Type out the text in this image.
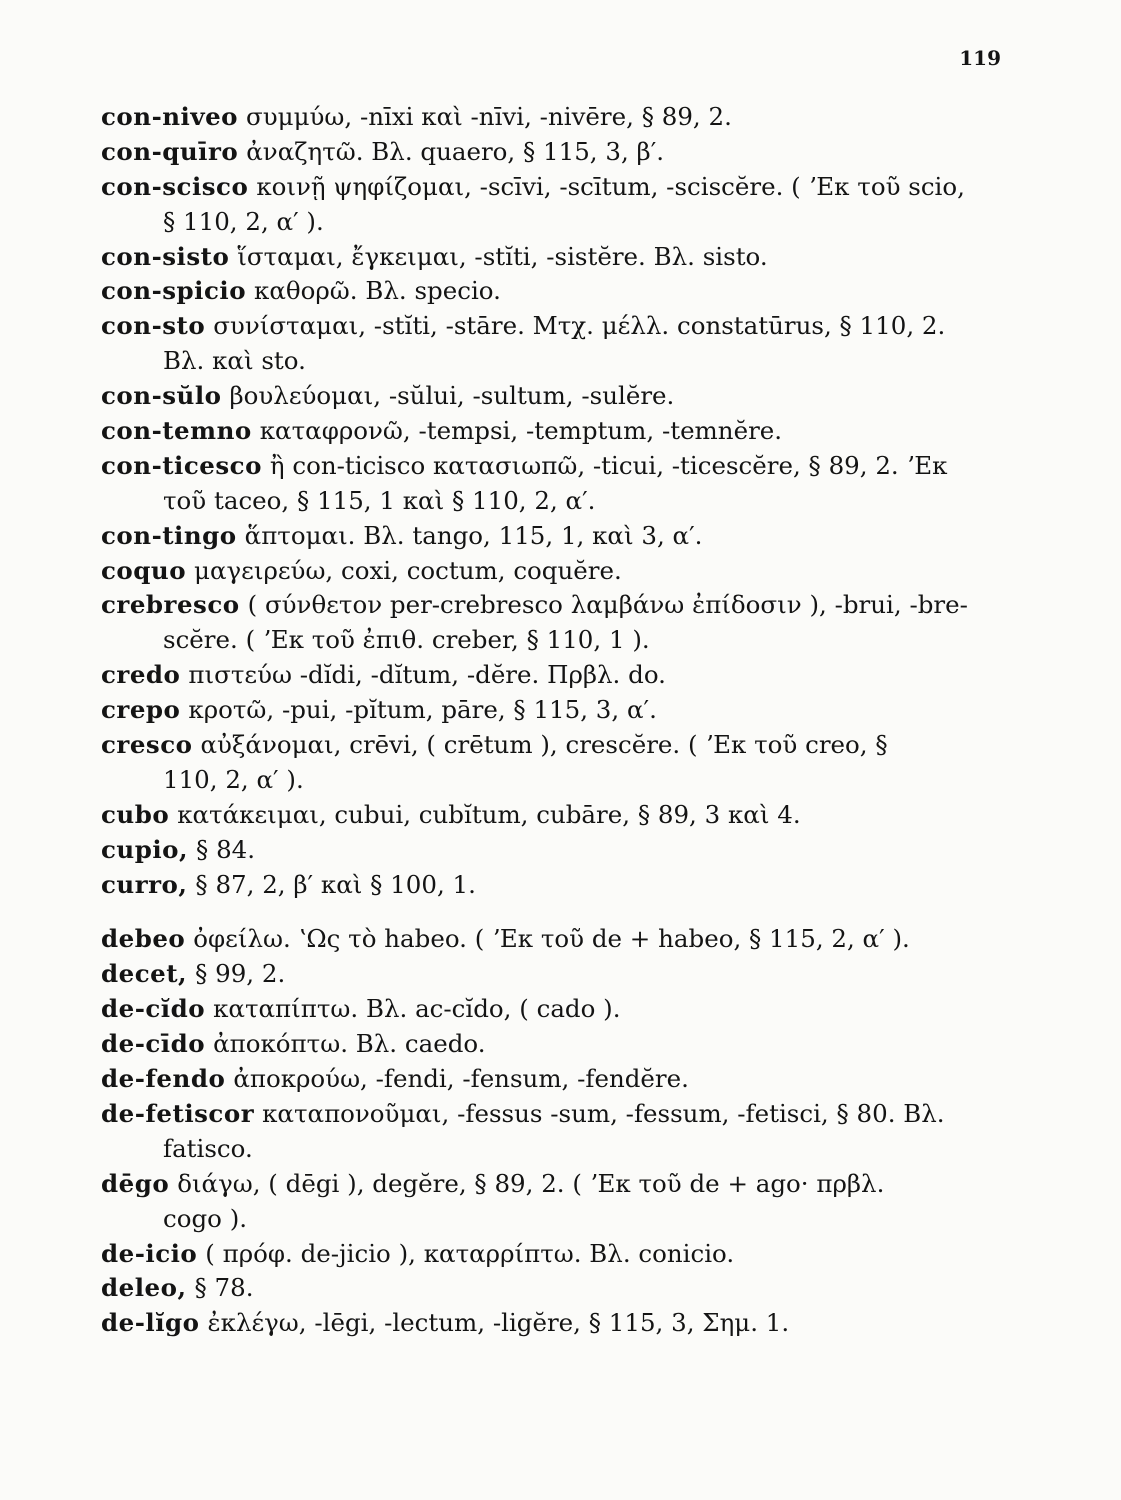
119
con-niveo συμμύω, -nīxi καὶ -nīvi, -nivēre, § 89, 2.
con-quīro ἀναζητῶ. Βλ. quaero, § 115, 3, β′.
con-scisco κοινῇ ψηφίζομαι, -scīvi, -scītum, -sciscĕre. ( ʼΕκ τοῦ scio,
§ 110, 2, α′ ).
con-sisto ἵσταμαι, ἔγκειμαι, -stĭti, -sistĕre. Βλ. sisto.
con-spicio καθορῶ. Βλ. specio.
con-sto συνίσταμαι, -stĭti, -stāre. Μτχ. μέλλ. constatūrus, § 110, 2.
Βλ. καὶ sto.
con-sŭlo βουλεύομαι, -sŭlui, -sultum, -sulĕre.
con-temno καταφρονῶ, -tempsi, -temptum, -temnĕre.
con-ticesco ἢ con-ticisco κατασιωπῶ, -ticui, -ticescĕre, § 89, 2. ʼΕκ
τοῦ taceo, § 115, 1 καὶ § 110, 2, α′.
con-tingo ἅπτομαι. Βλ. tango, 115, 1, καὶ 3, α′.
coquo μαγειρεύω, coxi, coctum, coquĕre.
crebresco ( σύνθετον per-crebresco λαμβάνω ἐπίδοσιν ), -brui, -bre-
scĕre. ( ʼΕκ τοῦ ἐπιθ. creber, § 110, 1 ).
credo πιστεύω -dĭdi, -dĭtum, -dĕre. Πρβλ. do.
crepo κροτῶ, -pui, -pĭtum, pāre, § 115, 3, α′.
cresco αὐξάνομαι, crēvi, ( crētum ), crescĕre. ( ʼΕκ τοῦ creo, §
110, 2, α′ ).
cubo κατάκειμαι, cubui, cubĭtum, cubāre, § 89, 3 καὶ 4.
cupio, § 84.
curro, § 87, 2, β′ καὶ § 100, 1.
debeo ὀφείλω. ʽΩς τὸ habeo. ( ʼΕκ τοῦ de + habeo, § 115, 2, α′ ).
decet, § 99, 2.
de-cĭdo καταπίπτω. Βλ. ac-cĭdo, ( cado ).
de-cīdo ἀποκόπτω. Βλ. caedo.
de-fendo ἀποκρούω, -fendi, -fensum, -fendĕre.
de-fetiscor καταπονοῦμαι, -fessus -sum, -fessum, -fetisci, § 80. Βλ.
fatisco.
dēgo διάγω, ( dēgi ), degĕre, § 89, 2. ( ʼΕκ τοῦ de + ago· πρβλ.
cogo ).
de-icio ( πρόφ. de-jicio ), καταρρίπτω. Βλ. conicio.
deleo, § 78.
de-lĭgo ἐκλέγω, -lēgi, -lectum, -ligĕre, § 115, 3, Σημ. 1.
